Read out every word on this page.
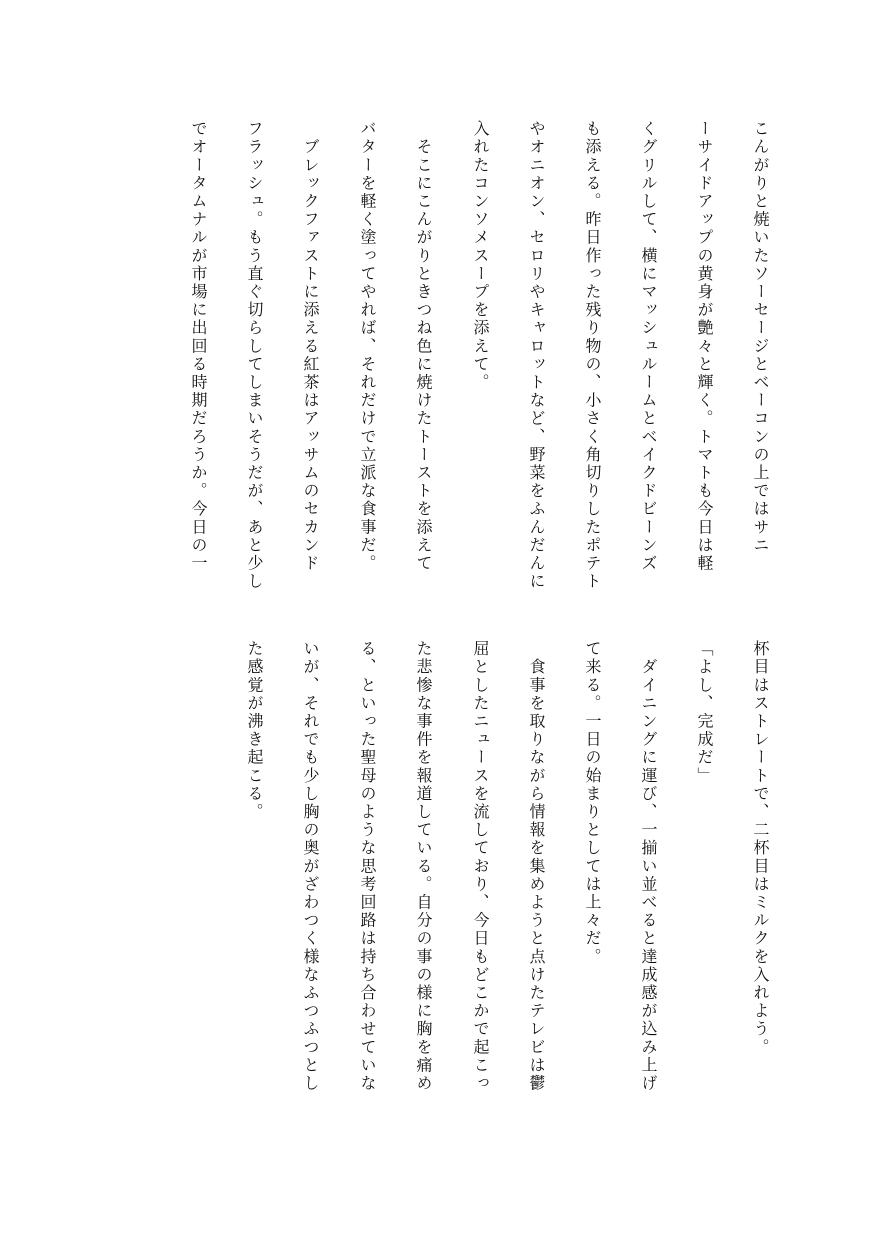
こんがりと焼いたソーセージとベーコンの上ではサニ
ーサイドアップの黄身が艶々と輝く。トマトも今日は軽
くグリルして、横にマッシュルームとベイクドビーンズ
も添える。昨日作った残り物の、小さく角切りしたポテト
やオニオン、セロリやキャロットなど、野菜をふんだんに
入れたコンソメスープを添えて。
　そこにこんがりときつね色に焼けたトーストを添えて
バターを軽く塗ってやれば、それだけで立派な食事だ。
　ブレックファストに添える紅茶はアッサムのセカンド
フラッシュ。もう直ぐ切らしてしまいそうだが、あと少し
でオータムナルが市場に出回る時期だろうか。今日の一
杯目はストレートで、二杯目はミルクを入れよう。
「よし、完成だ」
　ダイニングに運び、一揃い並べると達成感が込み上げ
て来る。一日の始まりとしては上々だ。
　食事を取りながら情報を集めようと点けたテレビは鬱
屈としたニュースを流しており、今日もどこかで起こっ
た悲惨な事件を報道している。自分の事の様に胸を痛め
る、といった聖母のような思考回路は持ち合わせていな
いが、それでも少し胸の奥がざわつく様なふつふつとし
た感覚が沸き起こる。
